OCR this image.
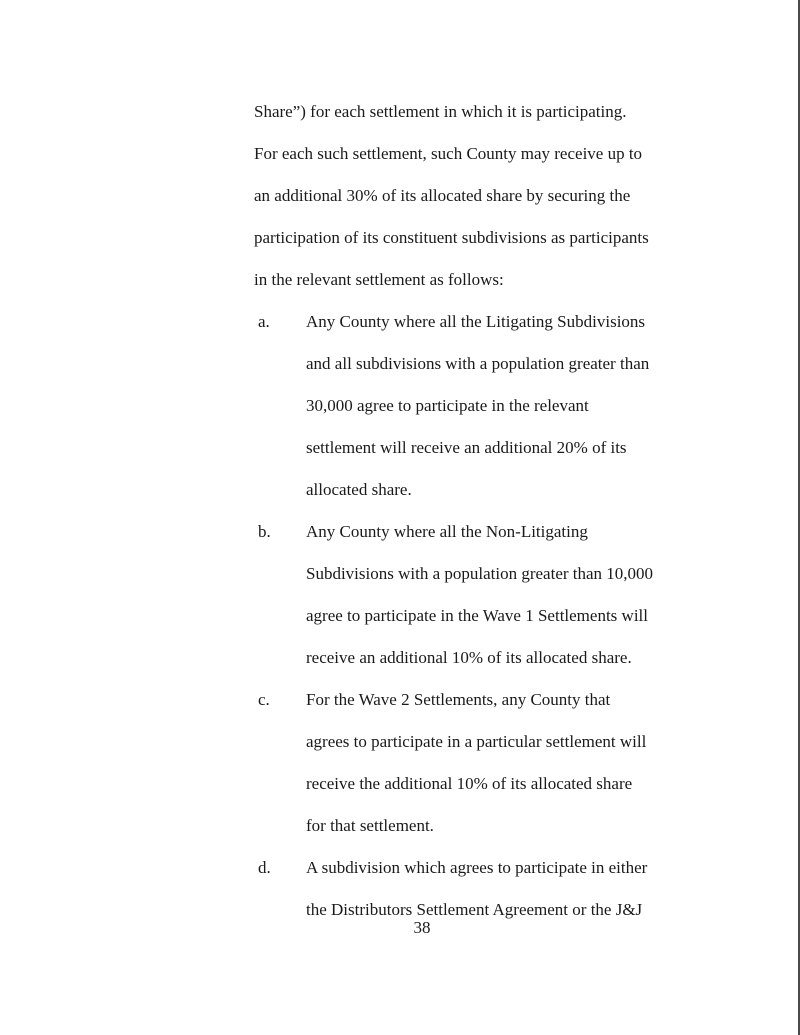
Share”) for each settlement in which it is participating.
For each such settlement, such County may receive up to
an additional 30% of its allocated share by securing the
participation of its constituent subdivisions as participants
in the relevant settlement as follows:
a.	Any County where all the Litigating Subdivisions
and all subdivisions with a population greater than
30,000 agree to participate in the relevant
settlement will receive an additional 20% of its
allocated share.
b.	Any County where all the Non-Litigating
Subdivisions with a population greater than 10,000
agree to participate in the Wave 1 Settlements will
receive an additional 10% of its allocated share.
c.	For the Wave 2 Settlements, any County that
agrees to participate in a particular settlement will
receive the additional 10% of its allocated share
for that settlement.
d.	A subdivision which agrees to participate in either
the Distributors Settlement Agreement or the J&J
38
